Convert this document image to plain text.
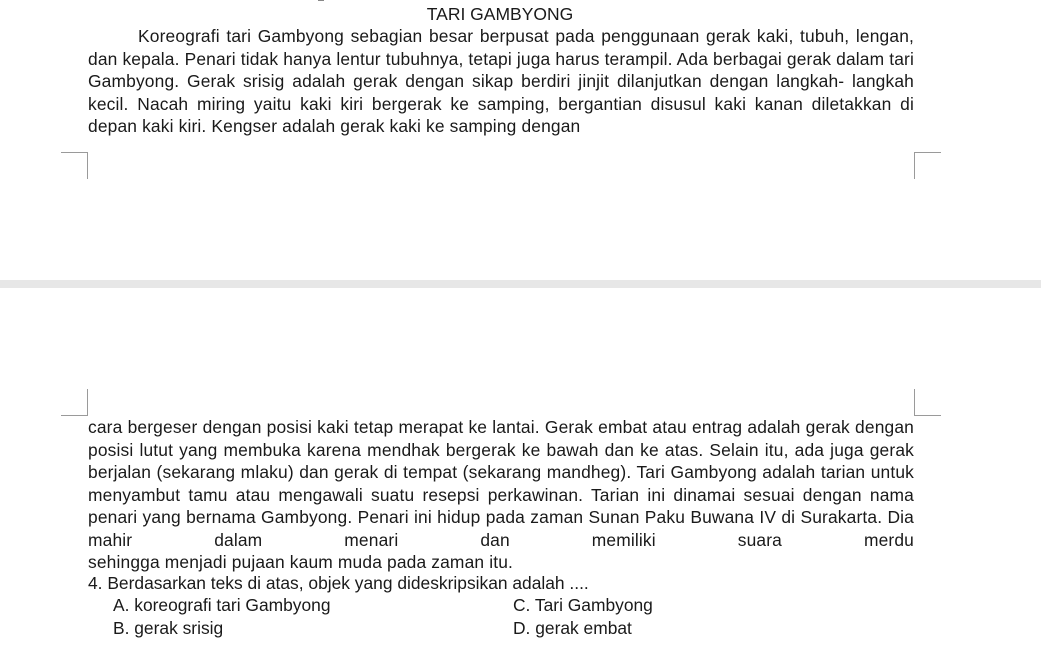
TARI GAMBYONG
Koreografi tari Gambyong sebagian besar berpusat pada penggunaan gerak kaki, tubuh, lengan, dan kepala. Penari tidak hanya lentur tubuhnya, tetapi juga harus terampil. Ada berbagai gerak dalam tari Gambyong. Gerak srisig adalah gerak dengan sikap berdiri jinjit dilanjutkan dengan langkah- langkah kecil. Nacah miring yaitu kaki kiri bergerak ke samping, bergantian disusul kaki kanan diletakkan di depan kaki kiri. Kengser adalah gerak kaki ke samping dengan
cara bergeser dengan posisi kaki tetap merapat ke lantai. Gerak embat atau entrag adalah gerak dengan posisi lutut yang membuka karena mendhak bergerak ke bawah dan ke atas. Selain itu, ada juga gerak berjalan (sekarang mlaku) dan gerak di tempat (sekarang mandheg). Tari Gambyong adalah tarian untuk menyambut tamu atau mengawali suatu resepsi perkawinan. Tarian ini dinamai sesuai dengan nama penari yang bernama Gambyong. Penari ini hidup pada zaman Sunan Paku Buwana IV di Surakarta. Dia mahir dalam menari dan memiliki suara merdu
sehingga menjadi pujaan kaum muda pada zaman itu.
4. Berdasarkan teks di atas, objek yang dideskripsikan adalah ....
A. koreografi tari Gambyong
B. gerak srisig
C. Tari Gambyong
D. gerak embat
